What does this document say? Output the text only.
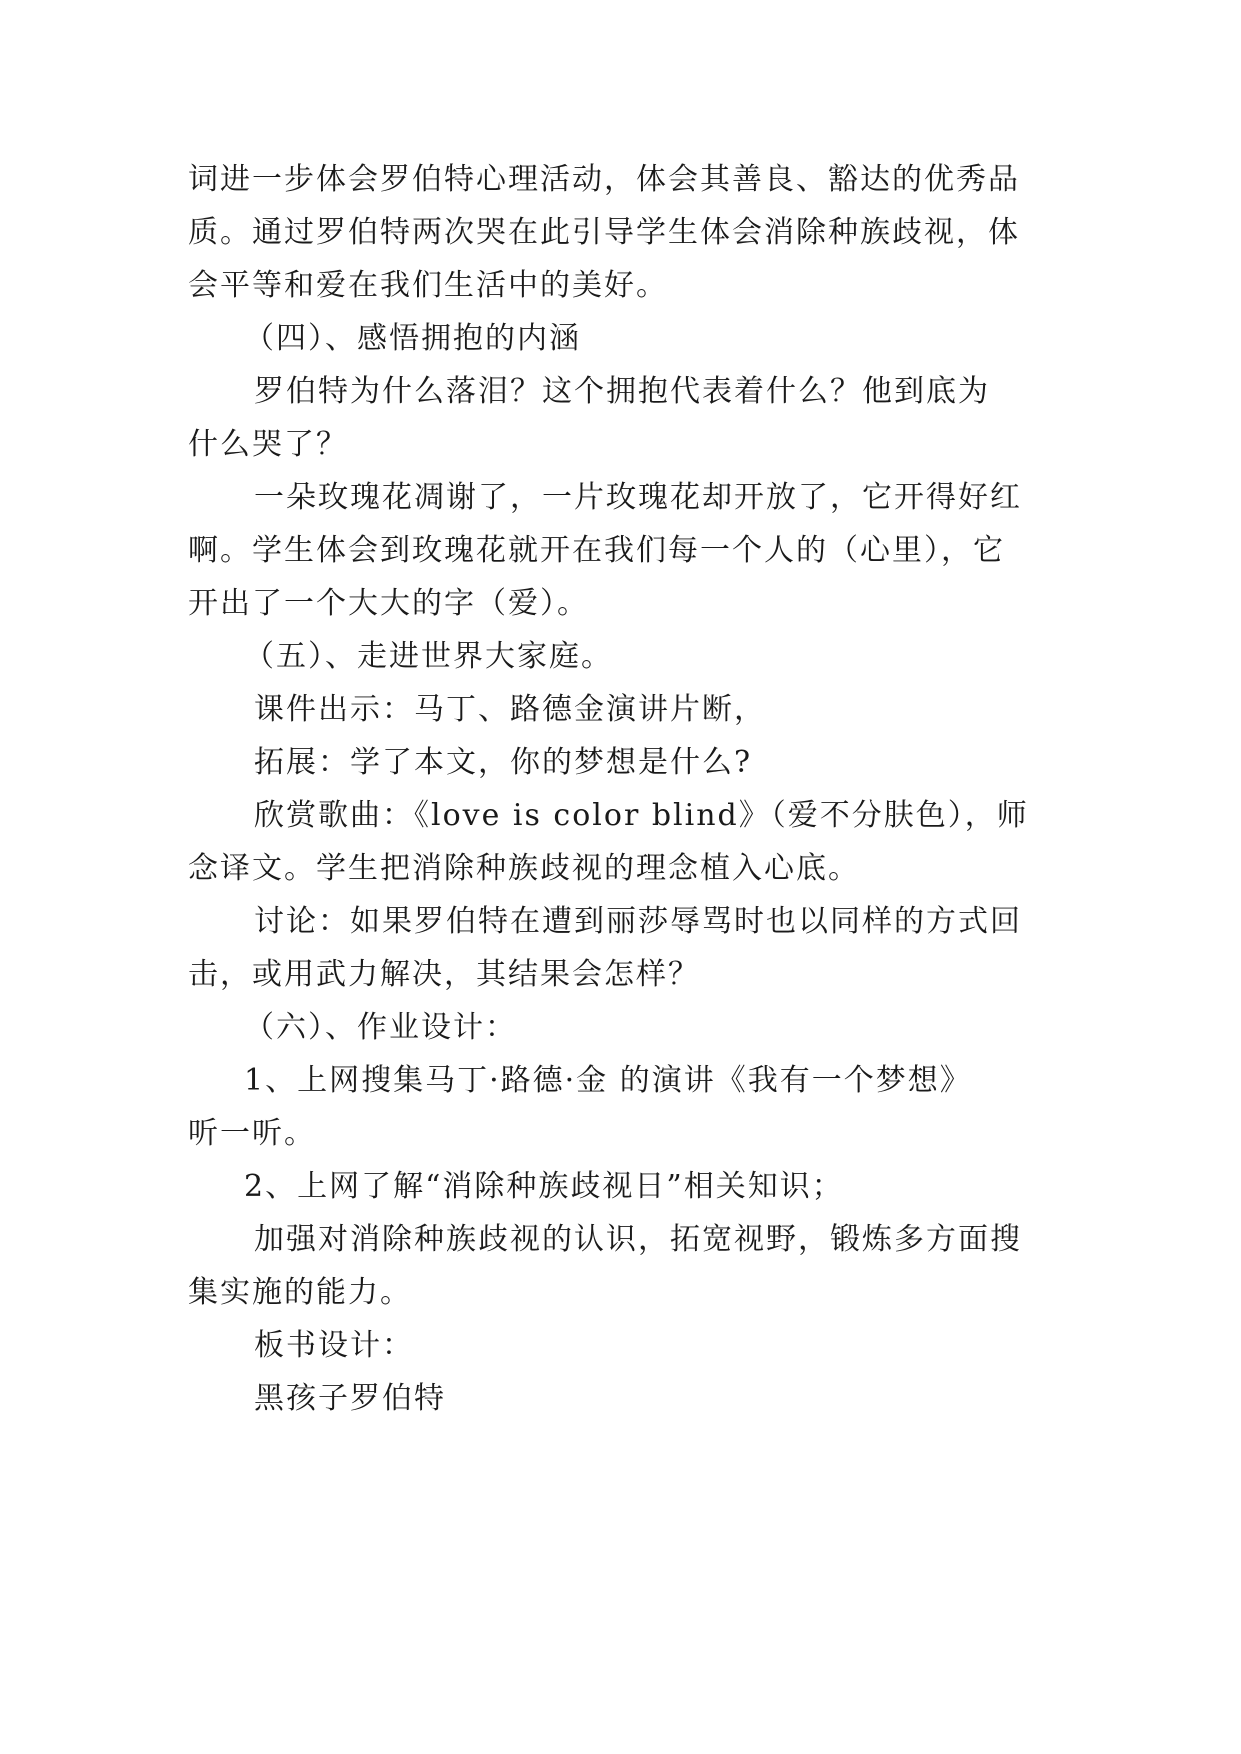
词进一步体会罗伯特心理活动，体会其善良、豁达的优秀品
质。通过罗伯特两次哭在此引导学生体会消除种族歧视，体
会平等和爱在我们生活中的美好。
（四）、感悟拥抱的内涵
罗伯特为什么落泪？这个拥抱代表着什么？他到底为
什么哭了？
一朵玫瑰花凋谢了，一片玫瑰花却开放了，它开得好红
啊。学生体会到玫瑰花就开在我们每一个人的（心里），它
开出了一个大大的字（爱）。
（五）、走进世界大家庭。
课件出示：马丁、路德金演讲片断，
拓展：学了本文，你的梦想是什么?
欣赏歌曲：《love is color blind》（爱不分肤色），师
念译文。学生把消除种族歧视的理念植入心底。
讨论：如果罗伯特在遭到丽莎辱骂时也以同样的方式回
击，或用武力解决，其结果会怎样？
（六）、作业设计：
1、上网搜集马丁·路德·金 的演讲《我有一个梦想》
听一听。
2、上网了解“消除种族歧视日”相关知识；
加强对消除种族歧视的认识，拓宽视野，锻炼多方面搜
集实施的能力。
板书设计：
黑孩子罗伯特
